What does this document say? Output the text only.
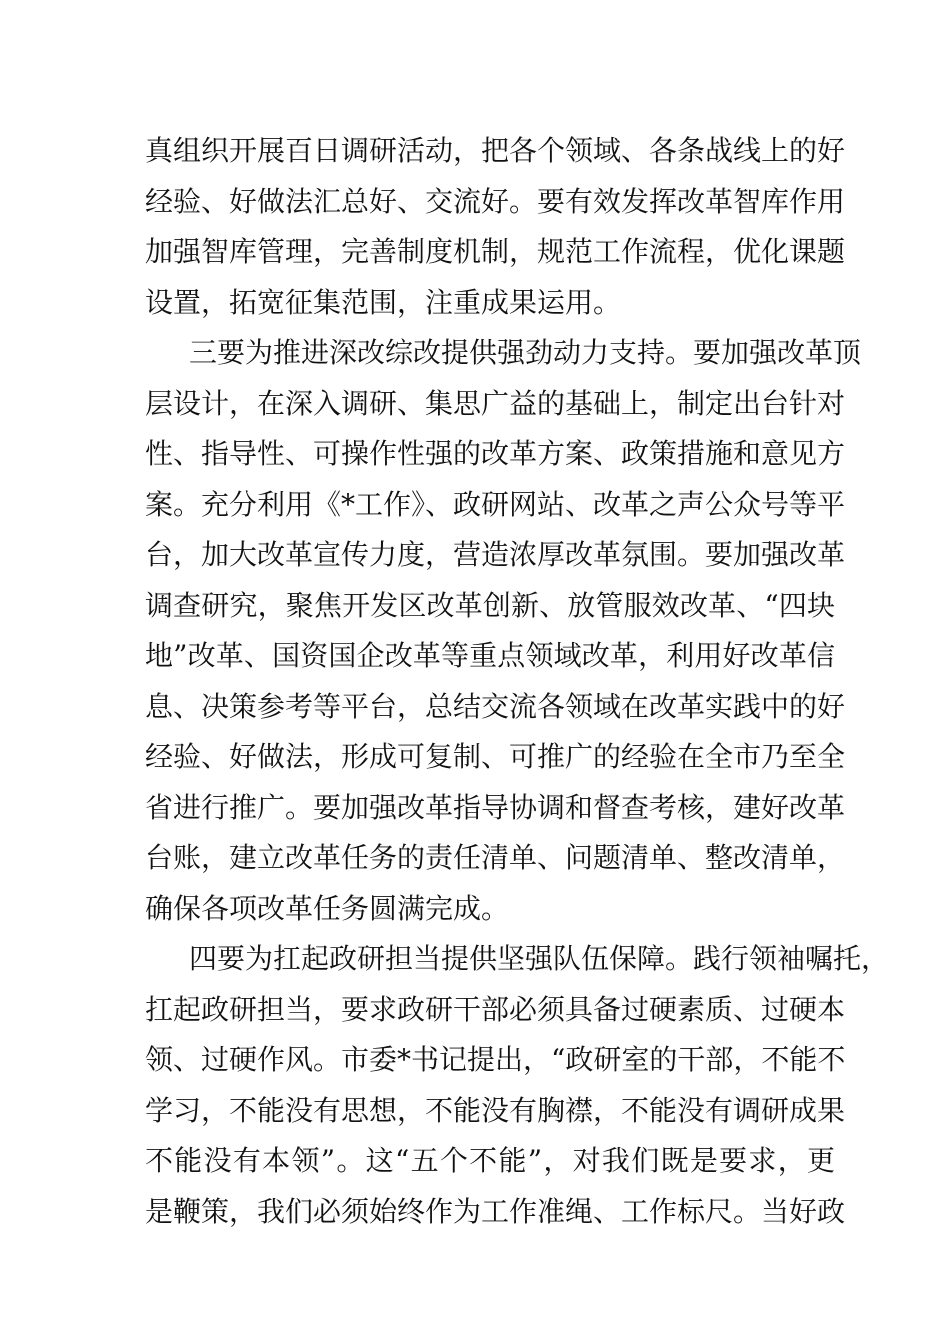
真组织开展百日调研活动，把各个领域、各条战线上的好
经验、好做法汇总好、交流好。要有效发挥改革智库作用
加强智库管理，完善制度机制，规范工作流程，优化课题
设置，拓宽征集范围，注重成果运用。
三要为推进深改综改提供强劲动力支持。要加强改革顶
层设计，在深入调研、集思广益的基础上，制定出台针对
性、指导性、可操作性强的改革方案、政策措施和意见方
案。充分利用《*工作》、政研网站、改革之声公众号等平
台，加大改革宣传力度，营造浓厚改革氛围。要加强改革
调查研究，聚焦开发区改革创新、放管服效改革、“四块
地”改革、国资国企改革等重点领域改革，利用好改革信
息、决策参考等平台，总结交流各领域在改革实践中的好
经验、好做法，形成可复制、可推广的经验在全市乃至全
省进行推广。要加强改革指导协调和督查考核，建好改革
台账，建立改革任务的责任清单、问题清单、整改清单，
确保各项改革任务圆满完成。
四要为扛起政研担当提供坚强队伍保障。践行领袖嘱托，
扛起政研担当，要求政研干部必须具备过硬素质、过硬本
领、过硬作风。市委*书记提出，“政研室的干部，不能不
学习，不能没有思想，不能没有胸襟，不能没有调研成果
不能没有本领”。这“五个不能”，对我们既是要求，更
是鞭策，我们必须始终作为工作准绳、工作标尺。当好政
